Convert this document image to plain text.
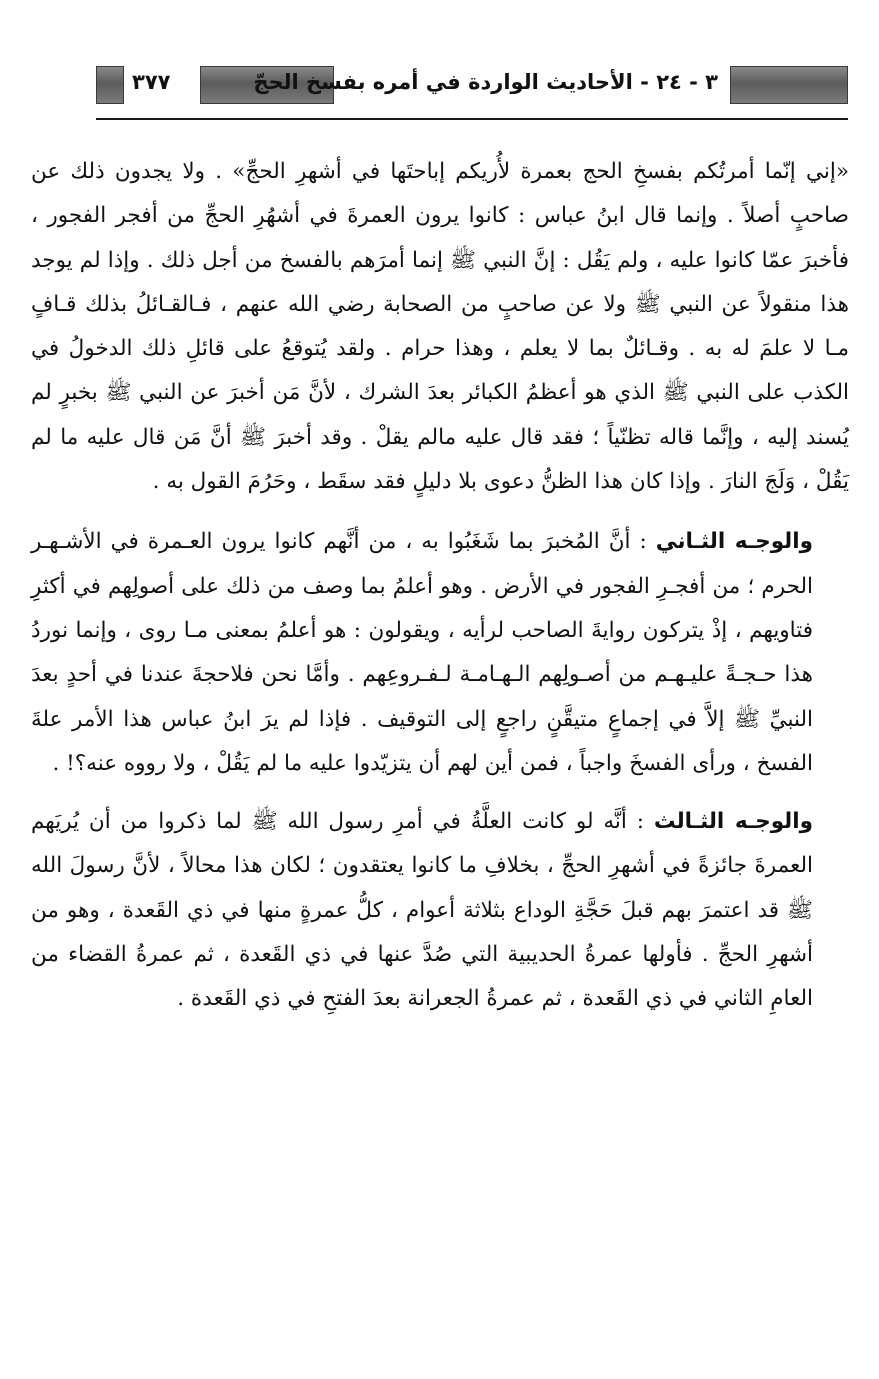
٣ - ٢٤ - الأحاديث الواردة في أمره بفسخ الحجّ
٣٧٧

«إني إنّما أمرتُكم بفسخِ الحج بعمرة لأُريكم إباحتَها في أشهرِ الحجِّ» . ولا يجدون ذلك عن صاحبٍ أصلاً . وإنما قال ابنُ عباس : كانوا يرون العمرةَ في أشهُرِ الحجِّ من أفجر الفجور ، فأخبرَ عمّا كانوا عليه ، ولم يَقُل : إنَّ النبي ﷺ إنما أمرَهم بالفسخ من أجل ذلك . وإذا لم يوجد هذا منقولاً عن النبي ﷺ ولا عن صاحبٍ من الصحابة رضي الله عنهم ، فـالقـائلُ بذلك قـافٍ مـا لا علمَ له به . وقـائلٌ بما لا يعلم ، وهذا حرام . ولقد يُتوقعُ على قائلِ ذلك الدخولُ في الكذب على النبي ﷺ الذي هو أعظمُ الكبائر بعدَ الشرك ، لأنَّ مَن أخبرَ عن النبي ﷺ بخبرٍ لم يُسند إليه ، وإنَّما قاله تظنّياً ؛ فقد قال عليه مالم يقلْ . وقد أخبرَ ﷺ أنَّ مَن قال عليه ما لم يَقُلْ ، وَلَجَ النارَ . وإذا كان هذا الظنُّ دعوى بلا دليلٍ فقد سقَط ، وحَرُمَ القول به .

والوجـه الثـاني : أنَّ المُخبرَ بما شَغَبُوا به ، من أنَّهم كانوا يرون العـمرة في الأشـهـر الحرم ؛ من أفجـرِ الفجور في الأرض . وهو أعلمُ بما وصف من ذلك على أصولِهم في أكثرِ فتاويهم ، إذْ يتركون روايةَ الصاحب لرأيه ، ويقولون : هو أعلمُ بمعنى مـا روى ، وإنما نوردُ هذا حـجـةً عليـهـم من أصـولِهم الـهـامـة لـفـروعِهم . وأمَّا نحن فلاحجةَ عندنا في أحدٍ بعدَ النبيِّ ﷺ إلاَّ في إجماعٍ متيقَّنٍ راجعٍ إلى التوقيف . فإذا لم يرَ ابنُ عباس هذا الأمر علةَ الفسخ ، ورأى الفسخَ واجباً ، فمن أين لهم أن يتزيّدوا عليه ما لم يَقُلْ ، ولا رووه عنه؟! .

والوجـه الثـالث : أنَّه لو كانت العلَّةُ في أمرِ رسول الله ﷺ لما ذكروا من أن يُريَهم العمرةَ جائزةً في أشهرِ الحجِّ ، بخلافِ ما كانوا يعتقدون ؛ لكان هذا محالاً ، لأنَّ رسولَ الله ﷺ قد اعتمرَ بهم قبلَ حَجَّةِ الوداع بثلاثة أعوام ، كلُّ عمرةٍ منها في ذي القَعدة ، وهو من أشهرِ الحجِّ . فأولها عمرةُ الحديبية التي صُدَّ عنها في ذي القَعدة ، ثم عمرةُ القضاء من العامِ الثاني في ذي القَعدة ، ثم عمرةُ الجعرانة بعدَ الفتحِ في ذي القَعدة .
